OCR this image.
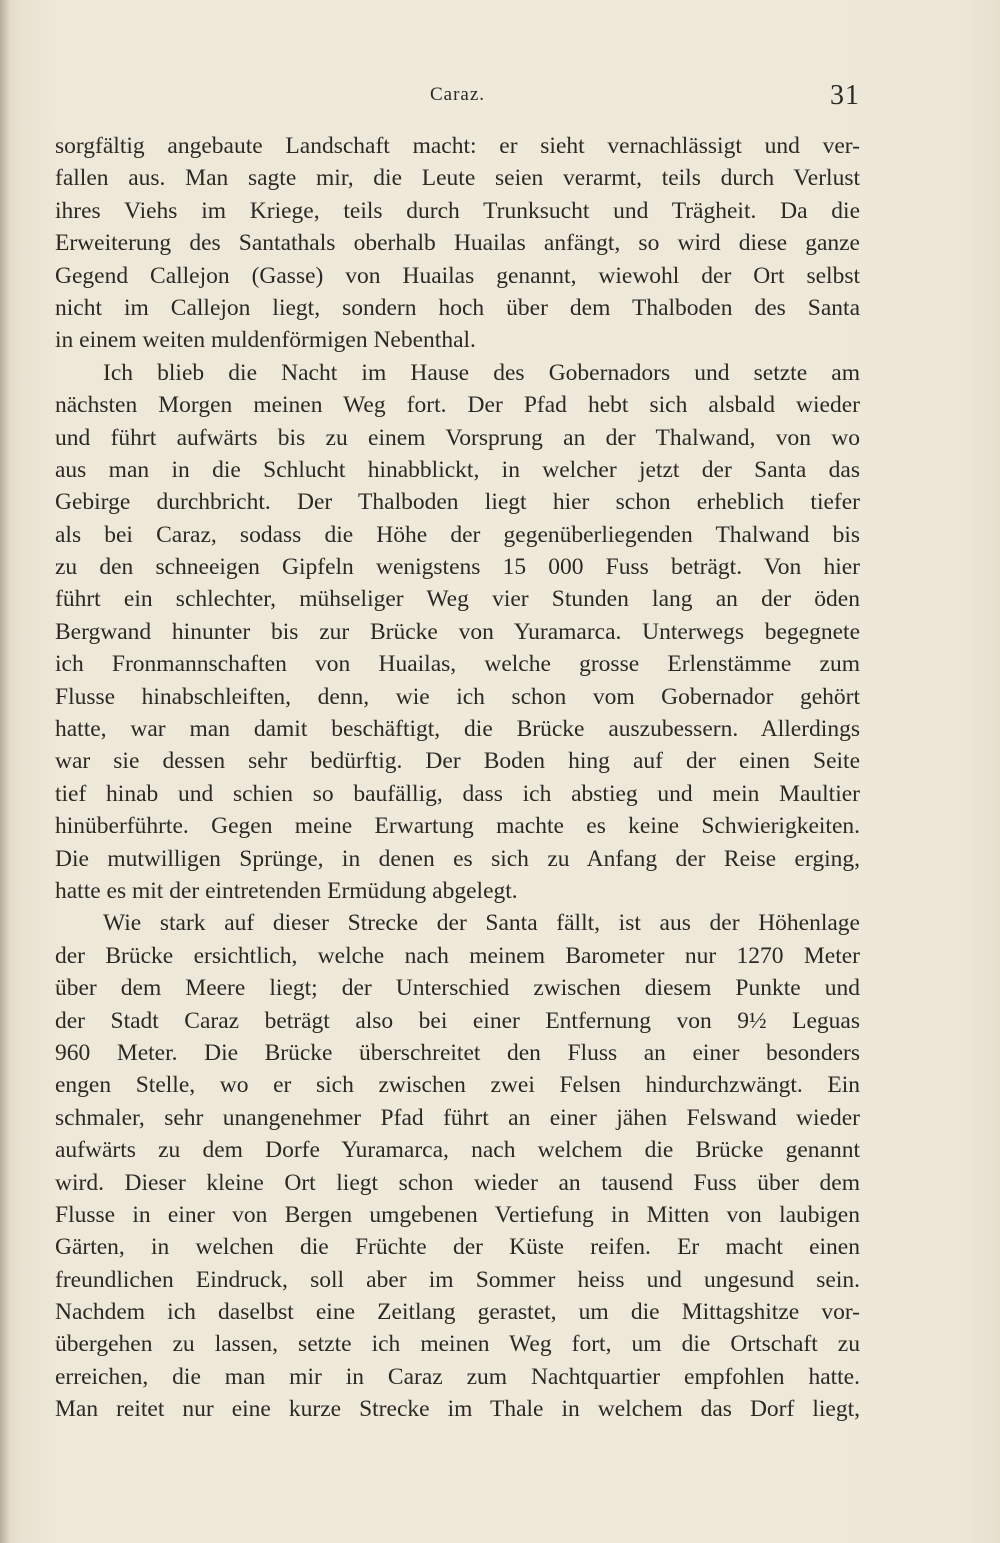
Caraz.	31
sorgfältig angebaute Landschaft macht: er sieht vernachlässigt und ver-
fallen aus. Man sagte mir, die Leute seien verarmt, teils durch Verlust
ihres Viehs im Kriege, teils durch Trunksucht und Trägheit. Da die
Erweiterung des Santathals oberhalb Huailas anfängt, so wird diese ganze
Gegend Callejon (Gasse) von Huailas genannt, wiewohl der Ort selbst
nicht im Callejon liegt, sondern hoch über dem Thalboden des Santa
in einem weiten muldenförmigen Nebenthal.
Ich blieb die Nacht im Hause des Gobernadors und setzte am
nächsten Morgen meinen Weg fort. Der Pfad hebt sich alsbald wieder
und führt aufwärts bis zu einem Vorsprung an der Thalwand, von wo
aus man in die Schlucht hinabblickt, in welcher jetzt der Santa das
Gebirge durchbricht. Der Thalboden liegt hier schon erheblich tiefer
als bei Caraz, sodass die Höhe der gegenüberliegenden Thalwand bis
zu den schneeigen Gipfeln wenigstens 15 000 Fuss beträgt. Von hier
führt ein schlechter, mühseliger Weg vier Stunden lang an der öden
Bergwand hinunter bis zur Brücke von Yuramarca. Unterwegs begegnete
ich Fronmannschaften von Huailas, welche grosse Erlenstämme zum
Flusse hinabschleiften, denn, wie ich schon vom Gobernador gehört
hatte, war man damit beschäftigt, die Brücke auszubessern. Allerdings
war sie dessen sehr bedürftig. Der Boden hing auf der einen Seite
tief hinab und schien so baufällig, dass ich abstieg und mein Maultier
hinüberführte. Gegen meine Erwartung machte es keine Schwierigkeiten.
Die mutwilligen Sprünge, in denen es sich zu Anfang der Reise erging,
hatte es mit der eintretenden Ermüdung abgelegt.
Wie stark auf dieser Strecke der Santa fällt, ist aus der Höhenlage
der Brücke ersichtlich, welche nach meinem Barometer nur 1270 Meter
über dem Meere liegt; der Unterschied zwischen diesem Punkte und
der Stadt Caraz beträgt also bei einer Entfernung von 9½ Leguas
960 Meter. Die Brücke überschreitet den Fluss an einer besonders
engen Stelle, wo er sich zwischen zwei Felsen hindurchzwängt. Ein
schmaler, sehr unangenehmer Pfad führt an einer jähen Felswand wieder
aufwärts zu dem Dorfe Yuramarca, nach welchem die Brücke genannt
wird. Dieser kleine Ort liegt schon wieder an tausend Fuss über dem
Flusse in einer von Bergen umgebenen Vertiefung in Mitten von laubigen
Gärten, in welchen die Früchte der Küste reifen. Er macht einen
freundlichen Eindruck, soll aber im Sommer heiss und ungesund sein.
Nachdem ich daselbst eine Zeitlang gerastet, um die Mittagshitze vor-
übergehen zu lassen, setzte ich meinen Weg fort, um die Ortschaft zu
erreichen, die man mir in Caraz zum Nachtquartier empfohlen hatte.
Man reitet nur eine kurze Strecke im Thale in welchem das Dorf liegt,
